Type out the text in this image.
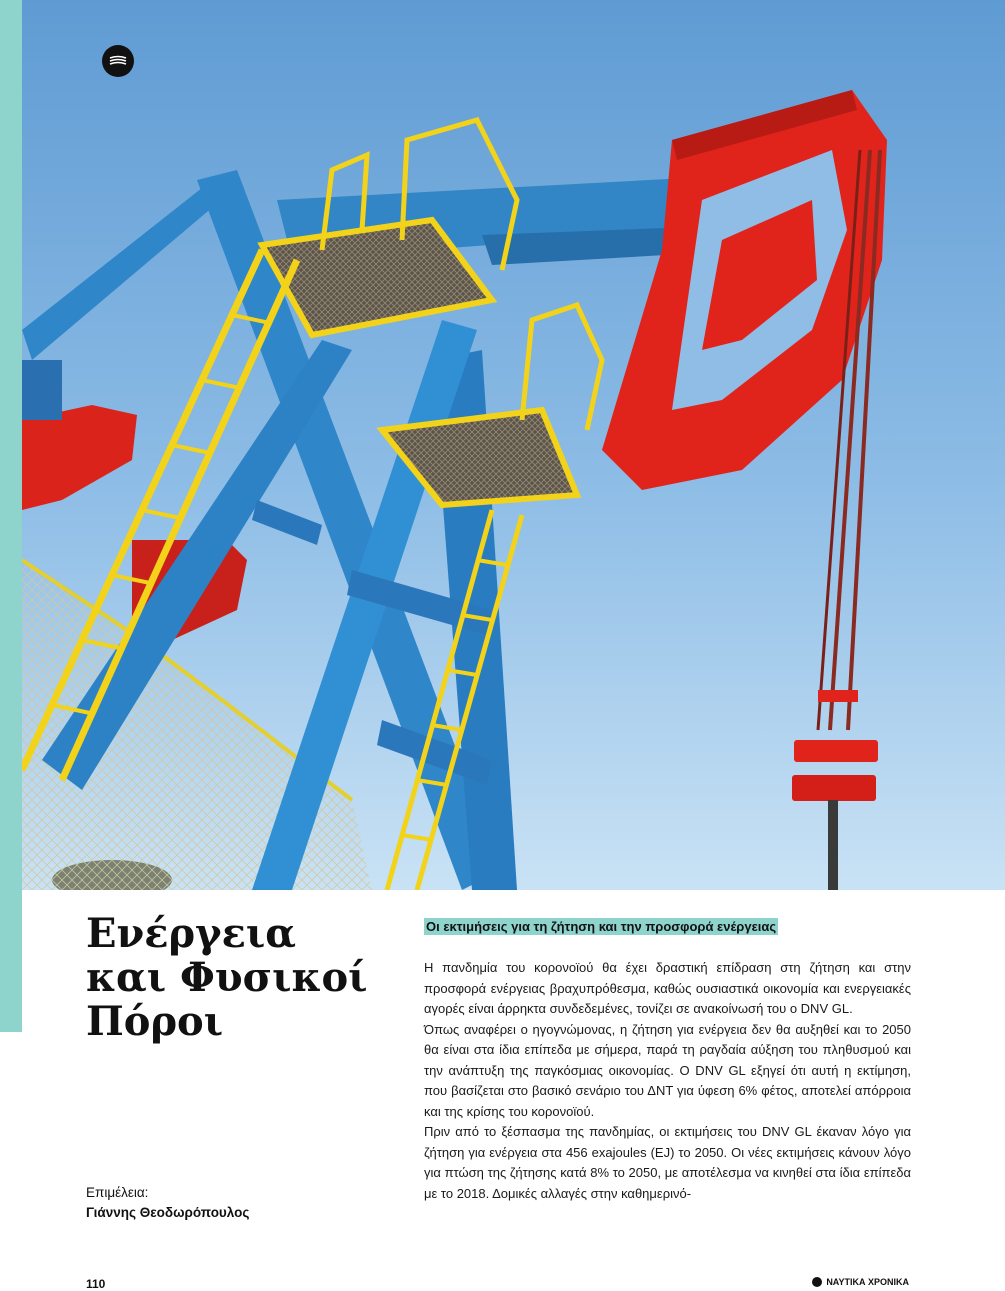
Ενέργεια
και Φυσικοί
Πόροι
Επιμέλεια:
Γιάννης Θεοδωρόπουλος
Οι εκτιμήσεις για τη ζήτηση και την προσφορά ενέργειας

Η πανδημία του κορονοϊού θα έχει δραστική επίδραση στη ζήτηση και στην προσφορά ενέργειας βραχυπρόθεσμα, καθώς ουσιαστικά οικονομία και ενεργειακές αγορές είναι άρρηκτα συνδεδεμένες, τονίζει σε ανακοίνωσή του ο DNV GL.

Όπως αναφέρει ο ηγογνώμονας, η ζήτηση για ενέργεια δεν θα αυξηθεί και το 2050 θα είναι στα ίδια επίπεδα με σήμερα, παρά τη ραγδαία αύξηση του πληθυσμού και την ανάπτυξη της παγκόσμιας οικονομίας. Ο DNV GL εξηγεί ότι αυτή η εκτίμηση, που βασίζεται στο βασικό σενάριο του ΔΝΤ για ύφεση 6% φέτος, αποτελεί απόρροια και της κρίσης του κορονοϊού.

Πριν από το ξέσπασμα της πανδημίας, οι εκτιμήσεις του DNV GL έκαναν λόγο για ζήτηση για ενέργεια στα 456 exajoules (EJ) το 2050. Οι νέες εκτιμήσεις κάνουν λόγο για πτώση της ζήτησης κατά 8% το 2050, με αποτέλεσμα να κινηθεί στα ίδια επίπεδα με το 2018. Δομικές αλλαγές στην καθημερινό-

110	ΝΑΥΤΙΚΑ ΧΡΟΝΙΚΑ
